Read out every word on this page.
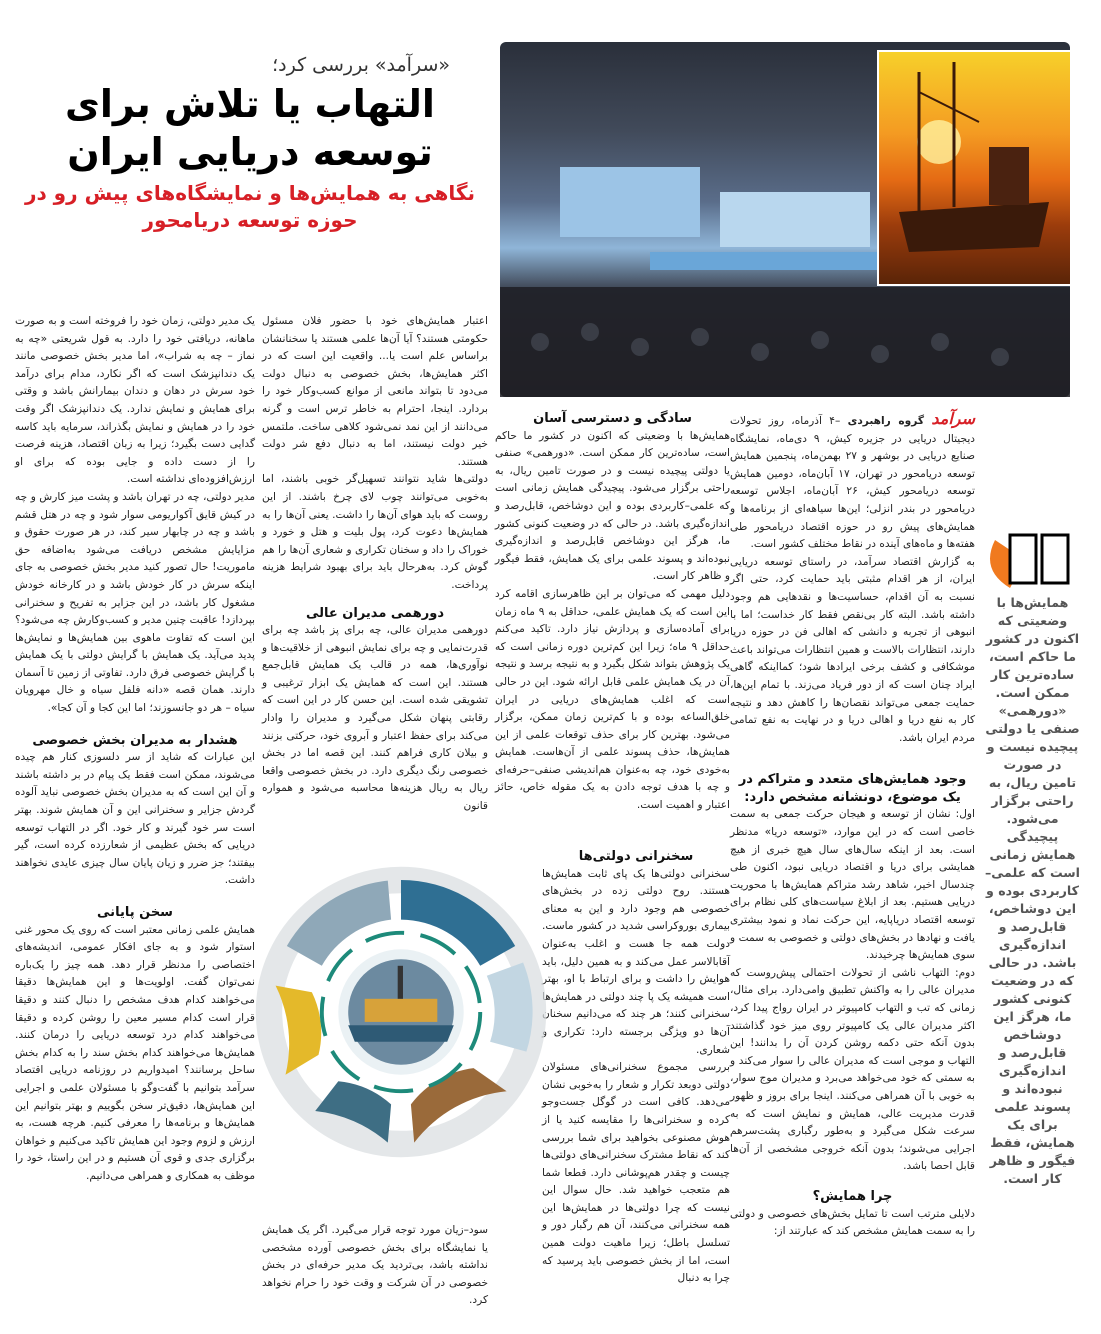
«سرآمد» بررسی کرد؛
التهاب یا تلاش برای توسعه دریایی ایران
نگاهی به همایش‌ها و نمایشگاه‌های پیش رو در حوزه توسعه دریامحور

سرآمد گروه راهبردی –۴ آذرماه، روز تحولات دیجیتال دریایی در جزیره کیش، ۹ دی‌ماه، نمایشگاه صنایع دریایی در بوشهر و ۲۷ بهمن‌ماه، پنجمین همایش توسعه دریامحور در تهران، ۱۷ آبان‌ماه، دومین همایش توسعه دریامحور کیش، ۲۶ آبان‌ماه، اجلاس توسعه دریامحور در بندر انزلی؛ این‌ها سیاهه‌ای از برنامه‌ها و همایش‌های پیش رو در حوزه اقتصاد دریامحور طی هفته‌ها و ماه‌های آینده در نقاط مختلف کشور است.

به گزارش اقتصاد سرآمد، در راستای توسعه دریایی ایران، از هر اقدام مثبتی باید حمایت کرد، حتی اگر نسبت به آن اقدام، حساسیت‌ها و نقدهایی هم وجود داشته باشد. البته کار بی‌نقص فقط کار خداست؛ اما با انبوهی از تجربه و دانشی که اهالی فن در حوزه دریا دارند، انتظارات بالاست و همین انتظارات می‌تواند باعث موشکافی و کشف برخی ایرادها شود؛ کمااینکه گاهی ایراد چنان است که از دور فریاد می‌زند. با تمام این‌ها، حمایت جمعی می‌تواند نقصان‌ها را کاهش دهد و نتیجه کار به نفع دریا و اهالی دریا و در نهایت به نفع تمامی مردم ایران باشد.

وجود همایش‌های متعدد و متراکم در یک موضوع، دونشانه مشخص دارد:

اول: نشان از توسعه و هیجان حرکت جمعی به سمت خاصی است که در این موارد، «توسعه دریا» مدنظر است. بعد از اینکه سال‌های سال هیچ خبری از هیچ همایشی برای دریا و اقتصاد دریایی نبود، اکنون طی چندسال اخیر، شاهد رشد متراکم همایش‌ها با محوریت دریایی هستیم. بعد از ابلاغ سیاست‌های کلی نظام برای توسعه اقتصاد دریاپایه، این حرکت نماد و نمود بیشتری یافت و نهادها در بخش‌های دولتی و خصوصی به سمت و سوی همایش‌ها چرخیدند.

دوم: التهاب ناشی از تحولات احتمالی پیش‌روست که مدیران عالی را به واکنش تطبیق وامی‌دارد. برای مثال، زمانی که تب و التهاب کامپیوتر در ایران رواج پیدا کرد، اکثر مدیران عالی یک کامپیوتر روی میز خود گذاشتند بدون آنکه حتی دکمه روشن کردن آن را بدانند! این التهاب و موجی است که مدیران عالی را سوار می‌کند و به سمتی که خود می‌خواهد می‌برد و مدیران موج سوار، به خوبی با آن همراهی می‌کنند. اینجا برای بروز و ظهور قدرت مدیریت عالی، همایش و نمایش است که به سرعت شکل می‌گیرد و به‌طور رگباری پشت‌سرهم اجرایی می‌شوند؛ بدون آنکه خروجی مشخصی از آن‌ها قابل احصا باشد.

چرا همایش؟

دلایلی مترتب است تا تمایل بخش‌های خصوصی و دولتی را به سمت همایش مشخص کند که عبارتند از:

همایش‌ها با وضعیتی که اکنون در کشور ما حاکم است، ساده‌ترین کار ممکن است. «دورهمی» صنفی یا دولتی پیچیده نیست و در صورت تامین ریال، به راحتی برگزار می‌شود. پیچیدگی همایش زمانی است که علمی– کاربردی بوده و این دوشاخص، قابل‌رصد و اندازه‌گیری باشد. در حالی که در وضعیت کنونی کشور ما، هرگز این دوشاخص قابل‌رصد و اندازه‌گیری نبوده‌اند و پسوند علمی برای یک همایش، فقط فیگور و ظاهر کار است.

سادگی و دسترسی آسان

همایش‌ها با وضعیتی که اکنون در کشور ما حاکم است، ساده‌ترین کار ممکن است. «دورهمی» صنفی یا دولتی پیچیده نیست و در صورت تامین ریال، به راحتی برگزار می‌شود. پیچیدگی همایش زمانی است که علمی–کاربردی بوده و این دوشاخص، قابل‌رصد و اندازه‌گیری باشد. در حالی که در وضعیت کنونی کشور ما، هرگز این دوشاخص قابل‌رصد و اندازه‌گیری نبوده‌اند و پسوند علمی برای یک همایش، فقط فیگور و ظاهر کار است.

دلیل مهمی که می‌توان بر این ظاهرسازی اقامه کرد این است که یک همایش علمی، حداقل به ۹ ماه زمان برای آماده‌سازی و پردازش نیاز دارد. تاکید می‌کنم حداقل ۹ ماه؛ زیرا این کم‌ترین دوره زمانی است که یک پژوهش بتواند شکل بگیرد و به نتیجه برسد و نتیجه آن در یک همایش علمی قابل ارائه شود. این در حالی است که اغلب همایش‌های دریایی در ایران خلق‌الساعه بوده و با کم‌ترین زمان ممکن، برگزار می‌شود. بهترین کار برای حذف توقعات علمی از این همایش‌ها، حذف پسوند علمی از آن‌هاست. همایش به‌خودی خود، چه به‌عنوان هم‌اندیشی صنفی–حرفه‌ای و چه با هدف توجه دادن به یک مقوله خاص، حائز اعتبار و اهمیت است.

سخنرانی دولتی‌ها

سخنرانی دولتی‌ها یک پای ثابت همایش‌ها هستند. روح دولتی زده در بخش‌های خصوصی هم وجود دارد و این به معنای بیماری بوروکراسی شدید در کشور ماست. دولت همه جا هست و اغلب به‌عنوان آقابالاسر عمل می‌کند و به همین دلیل، باید هوایش را داشت و برای ارتباط با او، بهتر است همیشه یک پا چند دولتی در همایش‌ها سخنرانی کنند؛ هر چند که می‌دانیم سخنان آن‌ها دو ویژگی برجسته دارد: تکراری و شعاری.

بررسی مجموع سخنرانی‌های مسئولان دولتی دوبعد تکرار و شعار را به‌خوبی نشان می‌دهد. کافی است در گوگل جست‌وجو کرده و سخنرانی‌ها را مقایسه کنید یا از هوش مصنوعی بخواهید برای شما بررسی کند که نقاط مشترک سخنرانی‌های دولتی‌ها چیست و چقدر هم‌پوشانی دارد. قطعا شما هم متعجب خواهید شد. حال سوال این نیست که چرا دولتی‌ها در همایش‌ها این همه سخنرانی می‌کنند، آن هم رگبار دور و تسلسل باطل؛ زیرا ماهیت دولت همین است، اما از بخش خصوصی باید پرسید که چرا به دنبال

اعتبار همایش‌های خود با حضور فلان مسئول حکومتی هستند؟ آیا آن‌ها علمی هستند یا سخنانشان براساس علم است یا... واقعیت این است که در اکثر همایش‌ها، بخش خصوصی به دنبال دولت می‌دود تا بتواند مانعی از موانع کسب‌وکار خود را بردارد. اینجا، احترام به خاطر ترس است و گرنه می‌دانند از این نمد نمی‌شود کلاهی ساخت. ملتمس خیر دولت نیستند، اما به دنبال دفع شر دولت هستند.

دولتی‌ها شاید نتوانند تسهیل‌گر خوبی باشند، اما به‌خوبی می‌توانند چوب لای چرخ باشند. از این روست که باید هوای آن‌ها را داشت. یعنی آن‌ها را به همایش‌ها دعوت کرد، پول بلیت و هتل و خورد و خوراک را داد و سخنان تکراری و شعاری آن‌ها را هم گوش کرد. به‌هرحال باید برای بهبود شرایط هزینه پرداخت.

دورهمی مدیران عالی

دورهمی مدیران عالی، چه برای پز باشد چه برای قدرت‌نمایی و چه برای نمایش انبوهی از خلاقیت‌ها و نوآوری‌ها، همه در قالب یک همایش قابل‌جمع هستند. این است که همایش یک ابزار ترغیبی و تشویقی شده است. این حسن کار در این است که رقابتی پنهان شکل می‌گیرد و مدیران را وادار می‌کند برای حفظ اعتبار و آبروی خود، حرکتی بزنند و بیلان کاری فراهم کنند. این قصه اما در بخش خصوصی رنگ دیگری دارد. در بخش خصوصی واقعا ریال به ریال هزینه‌ها محاسبه می‌شود و همواره قانون

سود–زیان مورد توجه قرار می‌گیرد. اگر یک همایش یا نمایشگاه برای بخش خصوصی آورده مشخصی نداشته باشد، بی‌تردید یک مدیر حرفه‌ای در بخش خصوصی در آن شرکت و وقت خود را حرام نخواهد کرد.

یک مدیر دولتی، زمان خود را فروخته است و به صورت ماهانه، دریافتی خود را دارد. به قول شریعتی «چه به نماز – چه به شراب»، اما مدیر بخش خصوصی مانند یک دندانپزشک است که اگر نکارد، مدام برای درآمد خود سرش در دهان و دندان بیمارانش باشد و وقتی برای همایش و نمایش ندارد. یک دندانپزشک اگر وقت خود را در همایش و نمایش بگذراند، سرمایه باید کاسه گدایی دست بگیرد؛ زیرا به زبان اقتصاد، هزینه فرصت را از دست داده و جایی بوده که برای او ارزش‌افزوده‌ای نداشته است.

مدیر دولتی، چه در تهران باشد و پشت میز کارش و چه در کیش قایق آکواریومی سوار شود و چه در هتل قشم باشد و چه در چابهار سیر کند، در هر صورت حقوق و مزایایش مشخص دریافت می‌شود به‌اضافه حق ماموریت! حال تصور کنید مدیر بخش خصوصی به جای اینکه سرش در کار خودش باشد و در کارخانه خودش مشغول کار باشد، در این جزایر به تفریح و سخنرانی بپردازد! عاقبت چنین مدیر و کسب‌وکارش چه می‌شود؟ این است که تفاوت ماهوی بین همایش‌ها و نمایش‌ها پدید می‌آید. یک همایش با گرایش دولتی با یک همایش با گرایش خصوصی فرق دارد. تفاوتی از زمین تا آسمان دارند. همان قصه «دانه فلفل سیاه و خال مهرویان سیاه – هر دو جانسوزند؛ اما این کجا و آن کجا».

هشدار به مدیران بخش خصوصی

این عبارات که شاید از سر دلسوزی کنار هم چیده می‌شوند، ممکن است فقط یک پیام در بر داشته باشند و آن این است که به مدیران بخش خصوصی نباید آلوده گردش جزایر و سخنرانی این و آن همایش شوند. بهتر است سر خود گیرند و کار خود. اگر در التهاب توسعه دریایی که بخش عظیمی از شعارزده کرده است، گیر بیفتند؛ جز ضرر و زیان پایان سال چیزی عایدی نخواهند داشت.

سخن پایانی

همایش علمی زمانی معتبر است که روی یک محور غنی استوار شود و به جای افکار عمومی، اندیشه‌های اختصاصی را مدنظر قرار دهد. همه چیز را یک‌باره نمی‌توان گفت. اولویت‌ها و این همایش‌ها دقیقا می‌خواهند کدام هدف مشخص را دنبال کنند و دقیقا قرار است کدام مسیر معین را روشن کرده و دقیقا می‌خواهند کدام درد توسعه دریایی را درمان کنند. همایش‌ها می‌خواهند کدام بخش سند را به کدام بخش ساحل برسانند؟ امیدواریم در روزنامه دریایی اقتصاد سرآمد بتوانیم با گفت‌وگو با مسئولان علمی و اجرایی این همایش‌ها، دقیق‌تر سخن بگوییم و بهتر بتوانیم این همایش‌ها و برنامه‌ها را معرفی کنیم. هرچه هست، به ارزش و لزوم وجود این همایش تاکید می‌کنیم و خواهان برگزاری جدی و قوی آن هستیم و در این راستا، خود را موظف به همکاری و همراهی می‌دانیم.
